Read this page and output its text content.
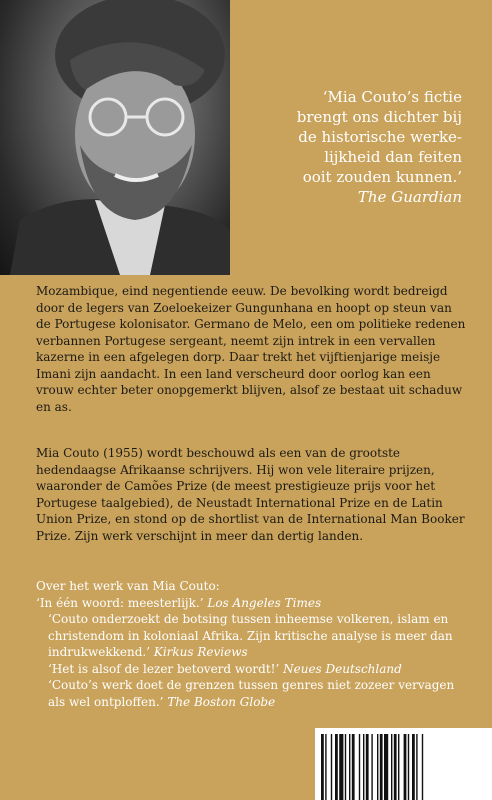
‘Mia Couto’s fictie
brengt ons dichter bij
de historische werke-
lijkheid dan feiten
ooit zouden kunnen.’
The Guardian
Mozambique, eind negentiende eeuw. De bevolking wordt bedreigd door de legers van Zoeloekeizer Gungunhana en hoopt op steun van de Portugese kolonisator. Germano de Melo, een om politieke redenen verbannen Portugese sergeant, neemt zijn intrek in een vervallen kazerne in een afgelegen dorp. Daar trekt het vijftienjarige meisje Imani zijn aandacht. In een land verscheurd door oorlog kan een vrouw echter beter onopgemerkt blijven, alsof ze bestaat uit schaduw en as.
Mia Couto (1955) wordt beschouwd als een van de grootste hedendaagse Afrikaanse schrijvers. Hij won vele literaire prijzen, waaronder de Camões Prize (de meest prestigieuze prijs voor het Portugese taalgebied), de Neustadt International Prize en de Latin Union Prize, en stond op de shortlist van de International Man Booker Prize. Zijn werk verschijnt in meer dan dertig landen.
Over het werk van Mia Couto:
‘In één woord: meesterlijk.’ Los Angeles Times
‘Couto onderzoekt de botsing tussen inheemse volkeren, islam en christendom in koloniaal Afrika. Zijn kritische analyse is meer dan indrukwekkend.’ Kirkus Reviews
‘Het is alsof de lezer betoverd wordt!’ Neues Deutschland
‘Couto’s werk doet de grenzen tussen genres niet zozeer vervagen als wel ontploffen.’ The Boston Globe
